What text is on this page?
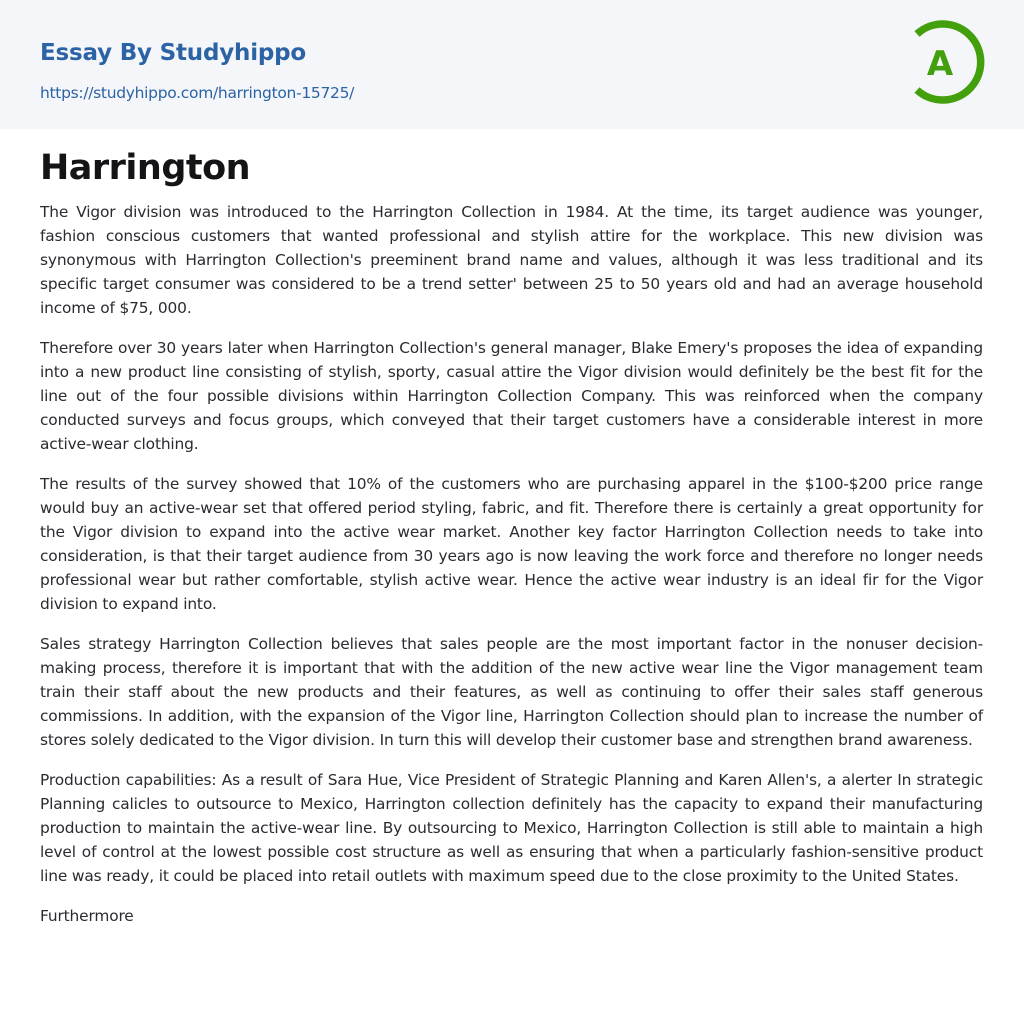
Essay By Studyhippo
https://studyhippo.com/harrington-15725/
A
Harrington

The Vigor division was introduced to the Harrington Collection in 1984. At the time, its target audience was younger, fashion conscious customers that wanted professional and stylish attire for the workplace. This new division was synonymous with Harrington Collection's preeminent brand name and values, although it was less traditional and its specific target consumer was considered to be a trend setter' between 25 to 50 years old and had an average household income of $75, 000.

Therefore over 30 years later when Harrington Collection's general manager, Blake Emery's proposes the idea of expanding into a new product line consisting of stylish, sporty, casual attire the Vigor division would definitely be the best fit for the line out of the four possible divisions within Harrington Collection Company. This was reinforced when the company conducted surveys and focus groups, which conveyed that their target customers have a considerable interest in more active-wear clothing.

The results of the survey showed that 10% of the customers who are purchasing apparel in the $100-$200 price range would buy an active-wear set that offered period styling, fabric, and fit. Therefore there is certainly a great opportunity for the Vigor division to expand into the active wear market. Another key factor Harrington Collection needs to take into consideration, is that their target audience from 30 years ago is now leaving the work force and therefore no longer needs professional wear but rather comfortable, stylish active wear. Hence the active wear industry is an ideal fir for the Vigor division to expand into.

Sales strategy Harrington Collection believes that sales people are the most important factor in the nonuser decision-making process, therefore it is important that with the addition of the new active wear line the Vigor management team train their staff about the new products and their features, as well as continuing to offer their sales staff generous commissions. In addition, with the expansion of the Vigor line, Harrington Collection should plan to increase the number of stores solely dedicated to the Vigor division. In turn this will develop their customer base and strengthen brand awareness.

Production capabilities: As a result of Sara Hue, Vice President of Strategic Planning and Karen Allen's, a alerter In strategic Planning calicles to outsource to Mexico, Harrington collection definitely has the capacity to expand their manufacturing production to maintain the active-wear line. By outsourcing to Mexico, Harrington Collection is still able to maintain a high level of control at the lowest possible cost structure as well as ensuring that when a particularly fashion-sensitive product line was ready, it could be placed into retail outlets with maximum speed due to the close proximity to the United States.

Furthermore
